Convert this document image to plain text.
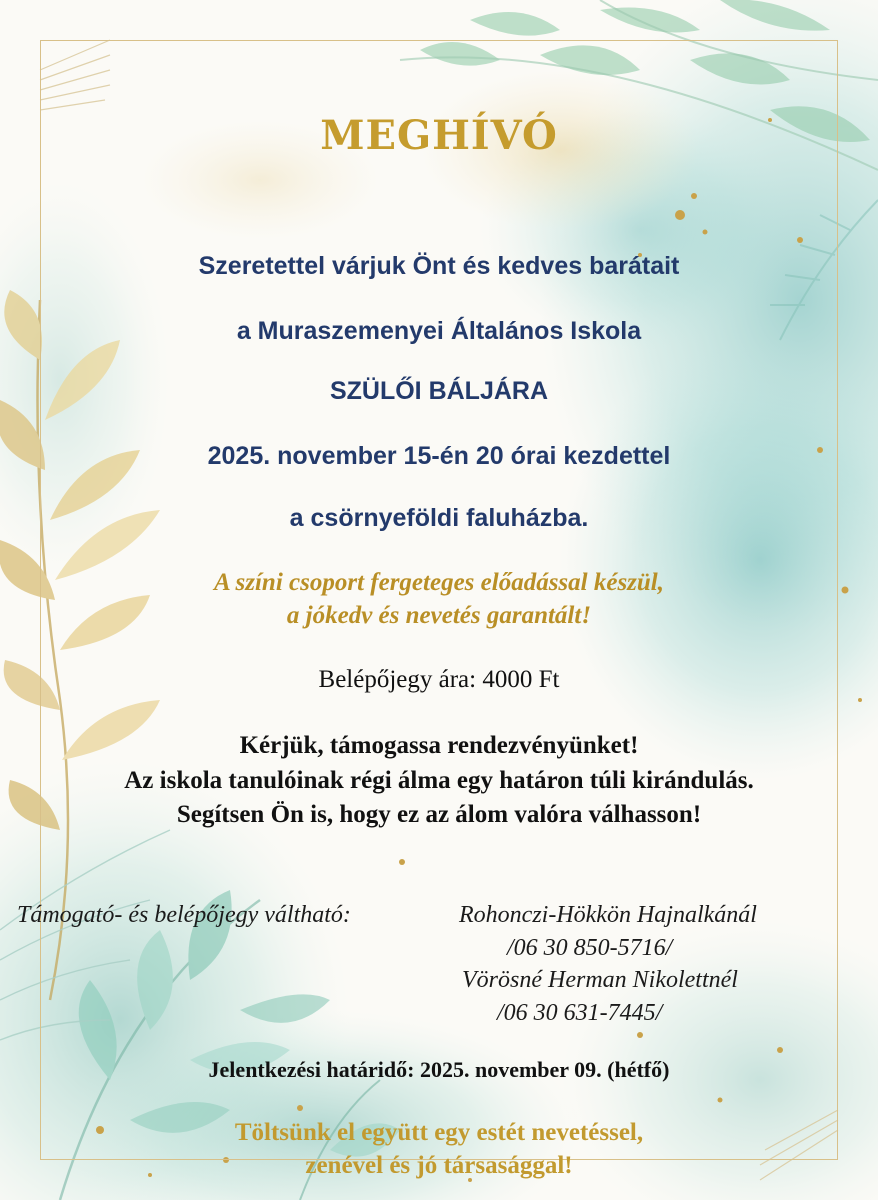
MEGHÍVÓ
Szeretettel várjuk Önt és kedves barátait
a Muraszemenyei Általános Iskola
SZÜLŐI BÁLJÁRA
2025. november 15-én 20 órai kezdettel
a csörnyeföldi faluházba.
A színi csoport fergeteges előadással készül,
a jókedv és nevetés garantált!
Belépőjegy ára: 4000 Ft
Kérjük, támogassa rendezvényünket!
Az iskola tanulóinak régi álma egy határon túli kirándulás.
Segítsen Ön is, hogy ez az álom valóra válhasson!
Támogató- és belépőjegy váltható:	Rohonczi-Hökkön Hajnalkánál
/06 30 850-5716/
Vörösné Herman Nikolettnél
/06 30 631-7445/
Jelentkezési határidő: 2025. november 09. (hétfő)
Töltsünk el együtt egy estét nevetéssel,
zenével és jó társasággal!
